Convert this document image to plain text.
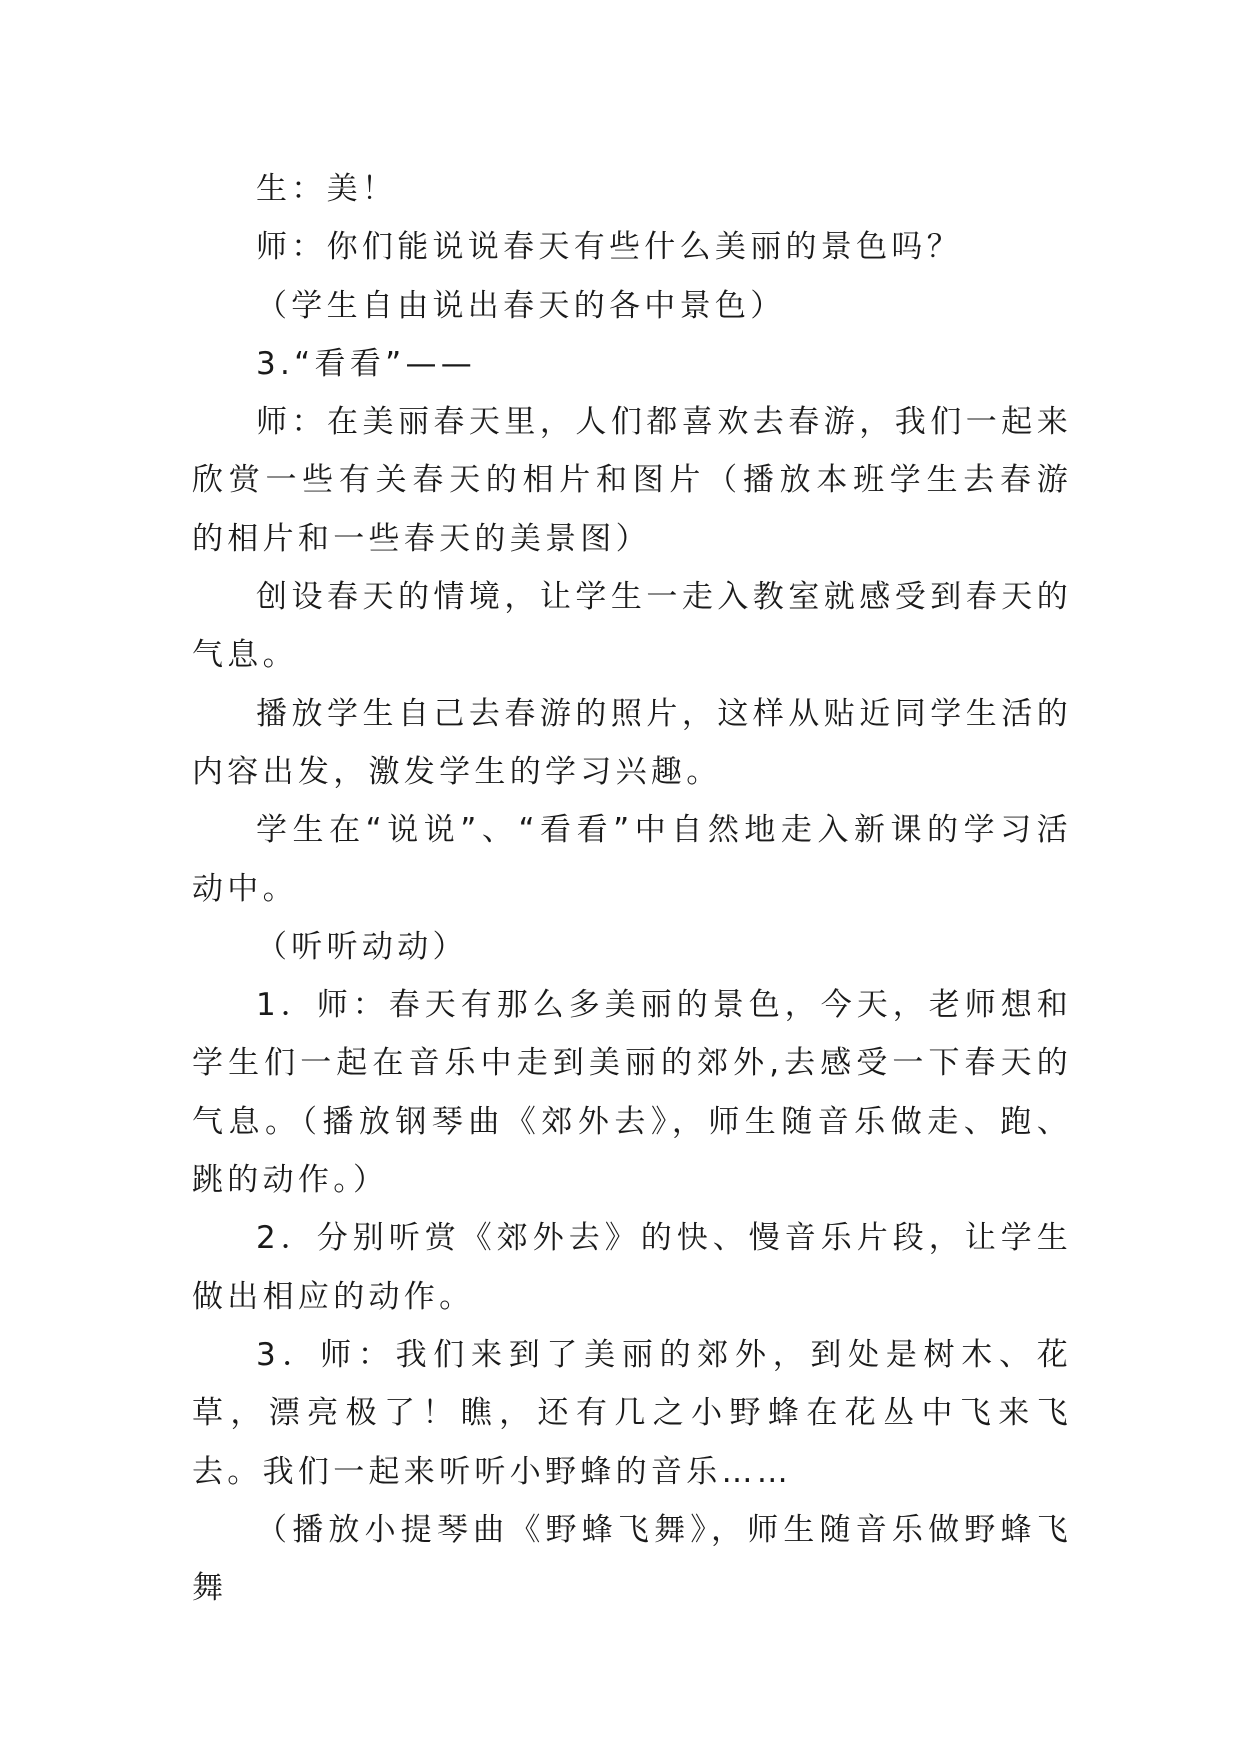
生：美！

师：你们能说说春天有些什么美丽的景色吗？

（学生自由说出春天的各中景色）

3.“看看”——

师：在美丽春天里，人们都喜欢去春游，我们一起来欣赏一些有关春天的相片和图片（播放本班学生去春游的相片和一些春天的美景图）

创设春天的情境，让学生一走入教室就感受到春天的气息。

播放学生自己去春游的照片，这样从贴近同学生活的内容出发，激发学生的学习兴趣。

学生在“说说”、“看看”中自然地走入新课的学习活动中。

（听听动动）

1．师：春天有那么多美丽的景色，今天，老师想和学生们一起在音乐中走到美丽的郊外,去感受一下春天的气息。（播放钢琴曲《郊外去》，师生随音乐做走、跑、跳的动作。）

2．分别听赏《郊外去》的快、慢音乐片段，让学生做出相应的动作。

3．师：我们来到了美丽的郊外，到处是树木、花草，漂亮极了！瞧，还有几之小野蜂在花丛中飞来飞去。我们一起来听听小野蜂的音乐……

（播放小提琴曲《野蜂飞舞》，师生随音乐做野蜂飞舞
